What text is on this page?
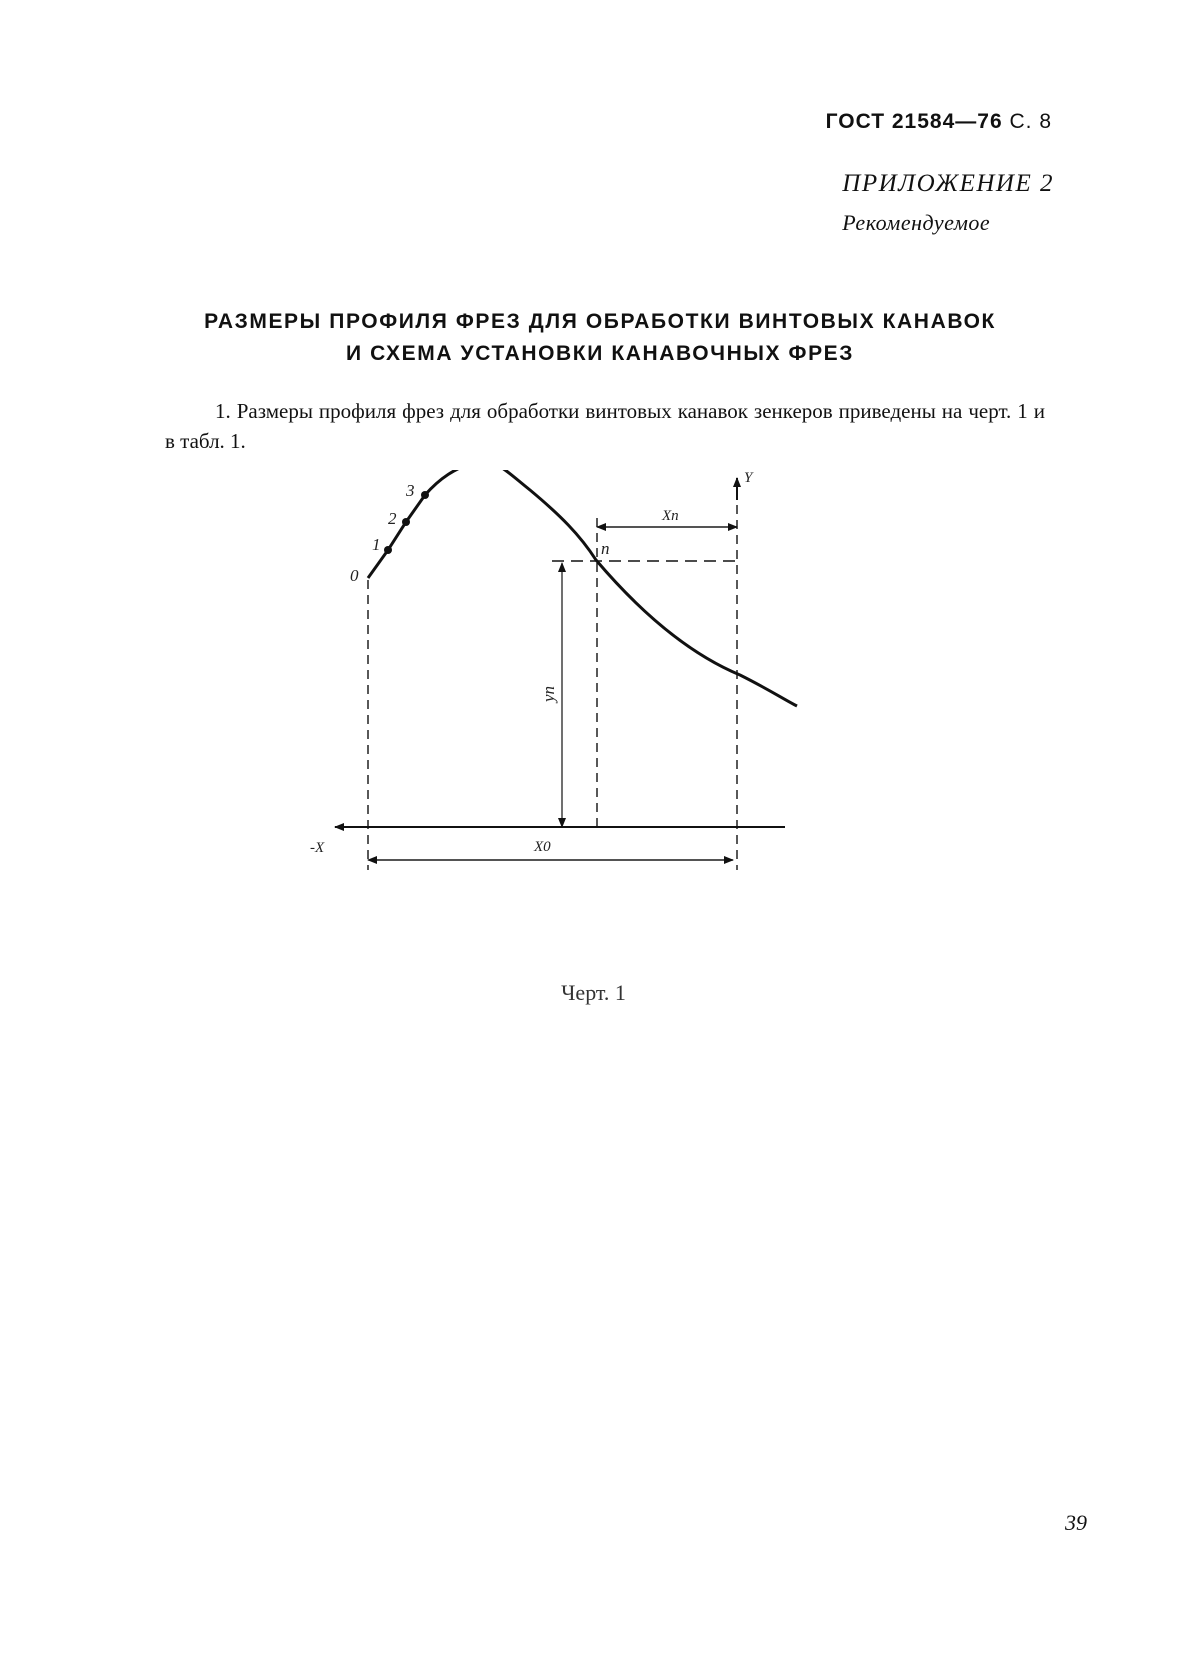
ГОСТ 21584—76 С. 8
ПРИЛОЖЕНИЕ 2
Рекомендуемое
РАЗМЕРЫ ПРОФИЛЯ ФРЕЗ ДЛЯ ОБРАБОТКИ ВИНТОВЫХ КАНАВОК
И СХЕМА УСТАНОВКИ КАНАВОЧНЫХ ФРЕЗ
1. Размеры профиля фрез для обработки винтовых канавок зенкеров приведены на черт. 1 и в табл. 1.
0
1
2
3
n
Y
-X
Xn
X0
yn
Черт. 1
39
